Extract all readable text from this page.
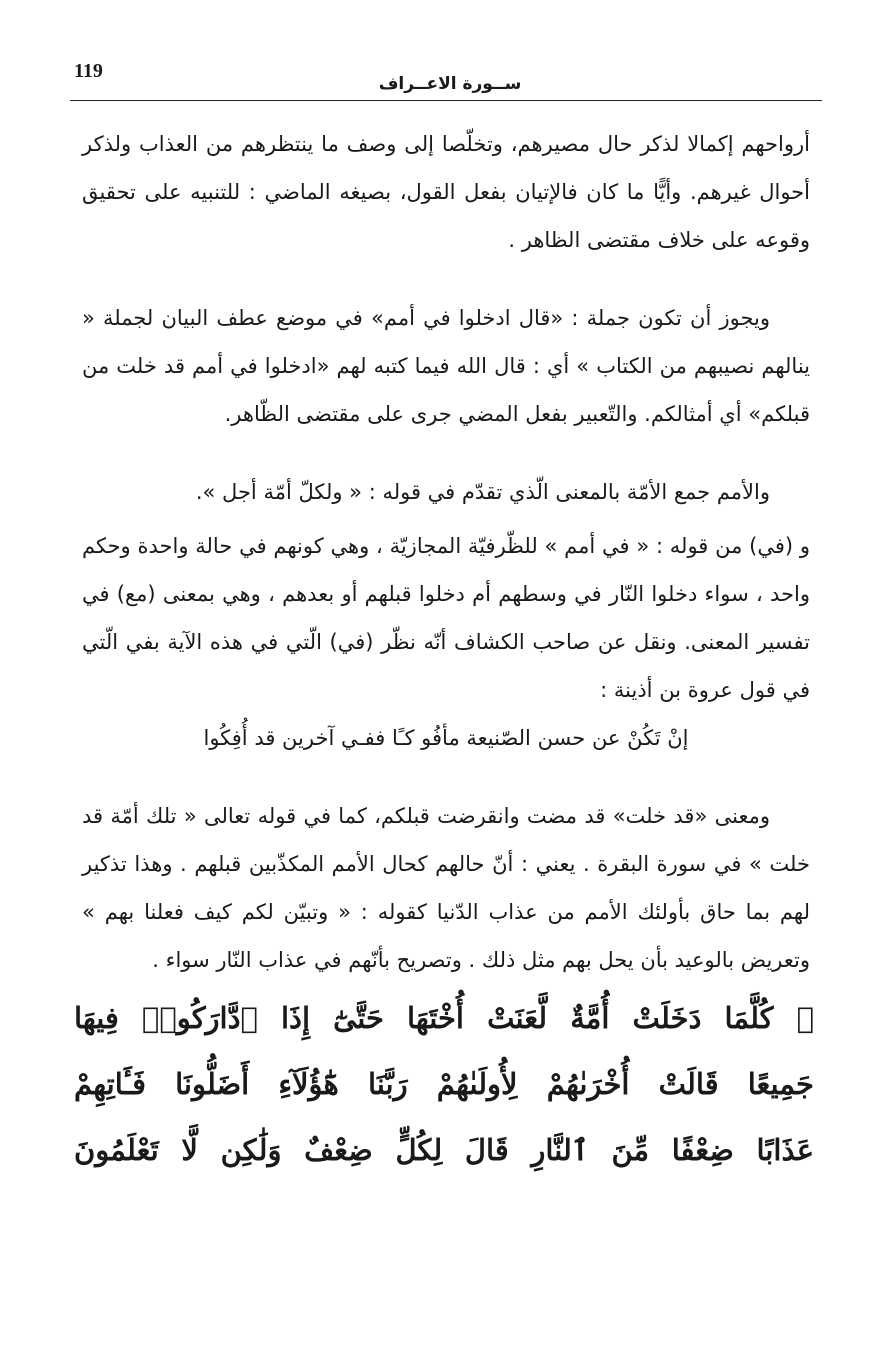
119
ســورة الاعــراف

أرواحهم إكمالا لذكر حال مصيرهم، وتخلّصا إلى وصف ما ينتظرهم من العذاب ولذكر أحوال غيرهم. وأيًّا ما كان فالإتيان بفعل القول، بصيغه الماضي : للتنبيه على تحقيق وقوعه على خلاف مقتضى الظاهر .

ويجوز أن تكون جملة : «قال ادخلوا في أمم» في موضع عطف البيان لجملة « ينالهم نصيبهم من الكتاب » أي : قال الله فيما كتبه لهم «ادخلوا في أمم قد خلت من قبلكم» أي أمثالكم. والتّعبير بفعل المضي جرى على مقتضى الظّاهر.

والأمم جمع الأمّة بالمعنى الّذي تقدّم في قوله : « ولكلّ أمّة أجل ».

و (في) من قوله : « في أمم » للظّرفيّة المجازيّة ، وهي كونهم في حالة واحدة وحكم واحد ، سواء دخلوا النّار في وسطهم أم دخلوا قبلهم أو بعدهم ، وهي بمعنى (مع) في تفسير المعنى. ونقل عن صاحب الكشاف أنّه نظّر (في) الّتي في هذه الآية بفي الّتي في قول عروة بن أذينة :

إنْ تَكُنْ عن حسن الصّنيعة مأفُو كـًا ففـي آخرين قد أُفِكُوا

ومعنى «قد خلت» قد مضت وانقرضت قبلكم، كما في قوله تعالى « تلك أمّة قد خلت » في سورة البقرة . يعني : أنّ حالهم كحال الأمم المكذّبين قبلهم . وهذا تذكير لهم بما حاق بأولئك الأمم من عذاب الدّنيا كقوله : « وتبيّن لكم كيف فعلنا بهم » وتعريض بالوعيد بأن يحل بهم مثل ذلك . وتصريح بأنّهم في عذاب النّار سواء .

﴿ كُلَّمَا دَخَلَتْ أُمَّةٌ لَّعَنَتْ أُخْتَهَا حَتَّىٰٓ إِذَا ٱدَّارَكُوا۟ فِيهَا

جَمِيعًا قَالَتْ أُخْرَىٰهُمْ لِأُولَىٰهُمْ رَبَّنَا هَٰٓؤُلَآءِ أَضَلُّونَا فَـَٔاتِهِمْ

عَذَابًا ضِعْفًا مِّنَ ٱلنَّارِ قَالَ لِكُلٍّ ضِعْفٌ وَلَٰكِن لَّا تَعْلَمُونَ
